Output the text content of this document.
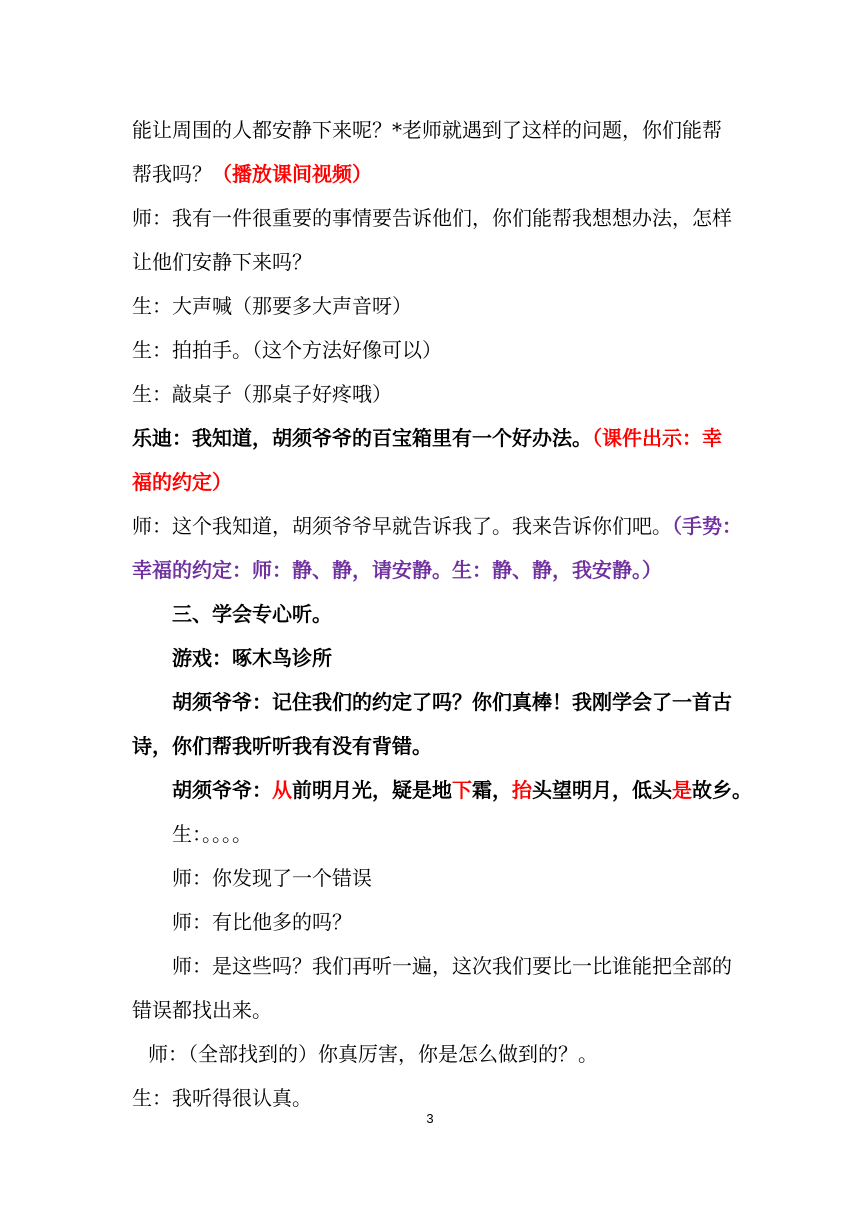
能让周围的人都安静下来呢？*老师就遇到了这样的问题，你们能帮
帮我吗？（播放课间视频）
师：我有一件很重要的事情要告诉他们，你们能帮我想想办法，怎样
让他们安静下来吗？
生：大声喊（那要多大声音呀）
生：拍拍手。（这个方法好像可以）
生：敲桌子（那桌子好疼哦）
乐迪：我知道，胡须爷爷的百宝箱里有一个好办法。（课件出示：幸
福的约定）
师：这个我知道，胡须爷爷早就告诉我了。我来告诉你们吧。（手势：
幸福的约定：师：静、静，请安静。生：静、静，我安静。）
三、学会专心听。
游戏：啄木鸟诊所
胡须爷爷：记住我们的约定了吗？你们真棒！我刚学会了一首古
诗，你们帮我听听我有没有背错。
胡须爷爷：从前明月光，疑是地下霜，抬头望明月，低头是故乡。
生：。。。。
师：你发现了一个错误
师：有比他多的吗？
师：是这些吗？我们再听一遍，这次我们要比一比谁能把全部的
错误都找出来。
师：（全部找到的）你真厉害，你是怎么做到的？。
生：我听得很认真。
3
